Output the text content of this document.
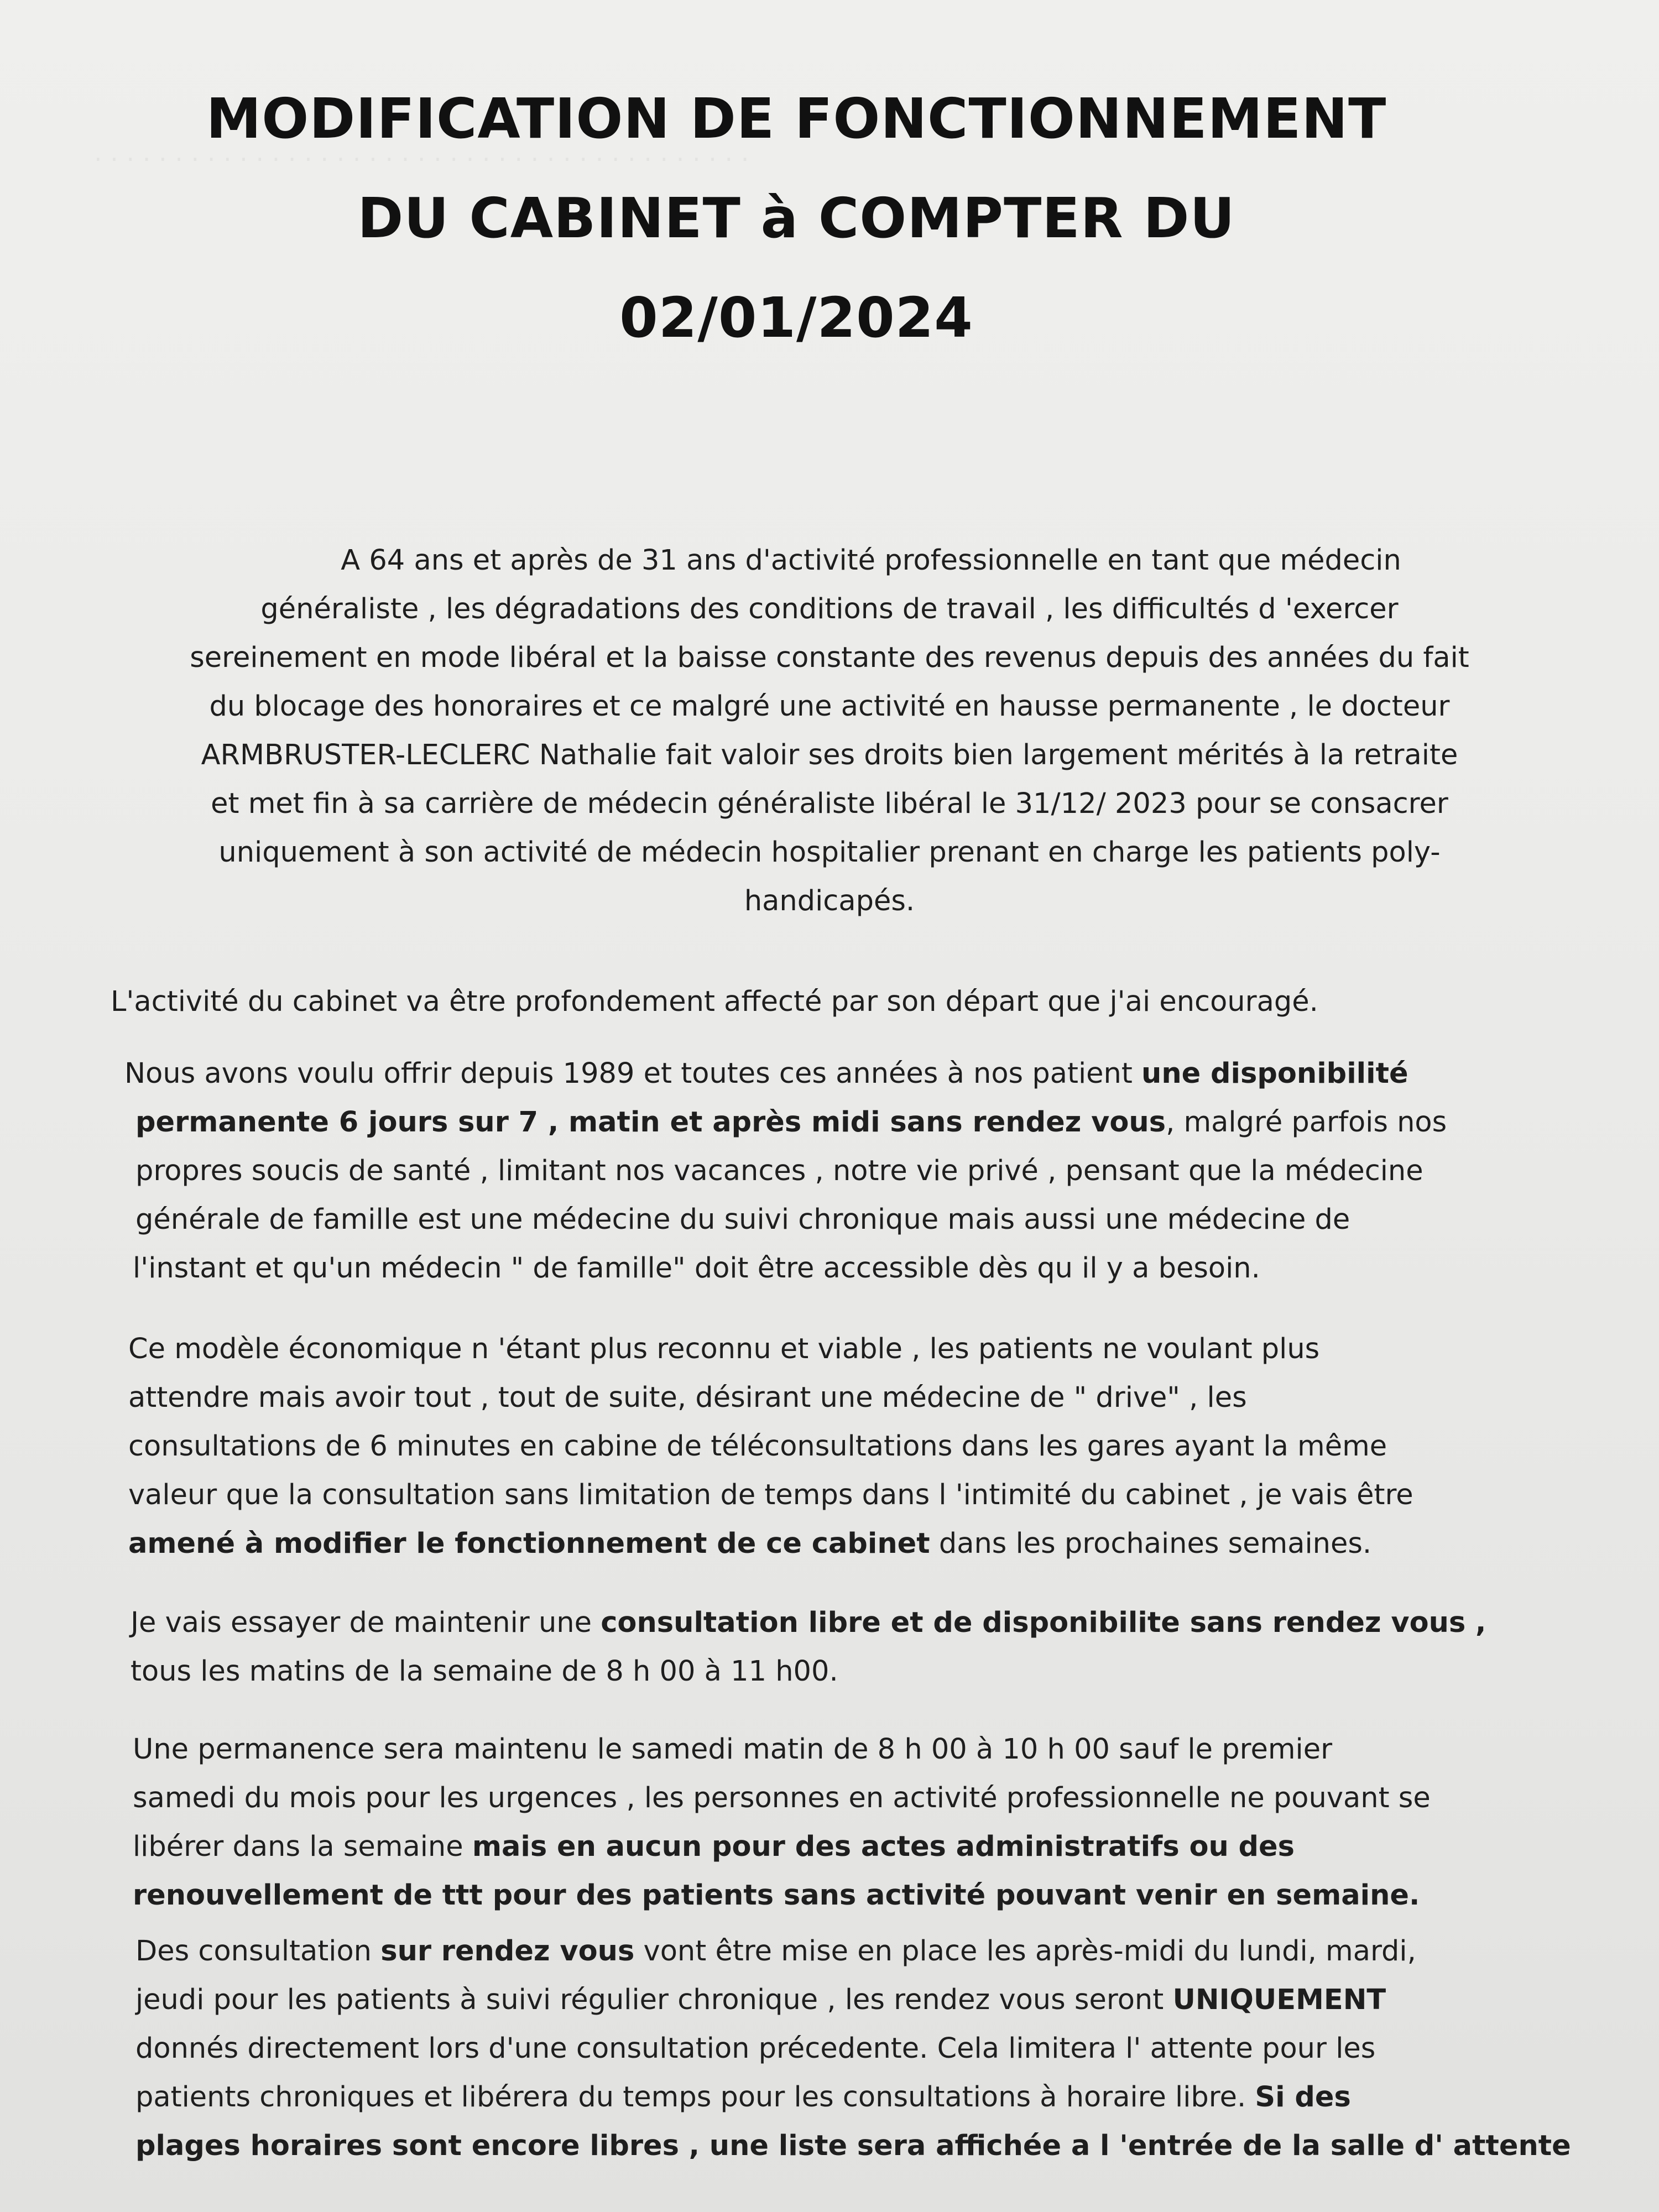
MODIFICATION DE FONCTIONNEMENT
DU CABINET à COMPTER DU
02/01/2024
A 64 ans et après de 31 ans d'activité professionnelle en tant que médecin
généraliste , les dégradations des conditions de travail , les difficultés d 'exercer
sereinement en mode libéral et la baisse constante des revenus depuis des années du fait
du blocage des honoraires et ce malgré une activité en hausse permanente , le docteur
ARMBRUSTER-LECLERC Nathalie fait valoir ses droits bien largement mérités à la retraite
et met fin à sa carrière de médecin généraliste libéral le 31/12/ 2023 pour se consacrer
uniquement à son activité de médecin hospitalier prenant en charge les patients poly-
handicapés.
L'activité du cabinet va être profondement affecté par son départ que j'ai encouragé.
Nous avons voulu offrir depuis 1989 et toutes ces années à nos patient une disponibilité
permanente 6 jours sur 7 , matin et après midi sans rendez vous, malgré parfois nos
propres soucis de santé , limitant nos vacances , notre vie privé , pensant que la médecine
générale de famille est une médecine du suivi chronique mais aussi une médecine de
l'instant et qu'un médecin " de famille" doit être accessible dès qu il y a besoin.
Ce modèle économique n 'étant plus reconnu et viable , les patients ne voulant plus
attendre mais avoir tout , tout de suite, désirant une médecine de " drive" , les
consultations de 6 minutes en cabine de téléconsultations dans les gares ayant la même
valeur que la consultation sans limitation de temps dans l 'intimité du cabinet , je vais être
amené à modifier le fonctionnement de ce cabinet dans les prochaines semaines.
Je vais essayer de maintenir une consultation libre et de disponibilite sans rendez vous ,
tous les matins de la semaine de 8 h 00 à 11 h00.
Une permanence sera maintenu le samedi matin de 8 h 00 à 10 h 00 sauf le premier
samedi du mois pour les urgences , les personnes en activité professionnelle ne pouvant se
libérer dans la semaine mais en aucun pour des actes administratifs ou des
renouvellement de ttt pour des patients sans activité pouvant venir en semaine.
Des consultation sur rendez vous vont être mise en place les après-midi du lundi, mardi,
jeudi pour les patients à suivi régulier chronique , les rendez vous seront UNIQUEMENT
donnés directement lors d'une consultation précedente. Cela limitera l' attente pour les
patients chroniques et libérera du temps pour les consultations à horaire libre. Si des
plages horaires sont encore libres , une liste sera affichée a l 'entrée de la salle d' attente
